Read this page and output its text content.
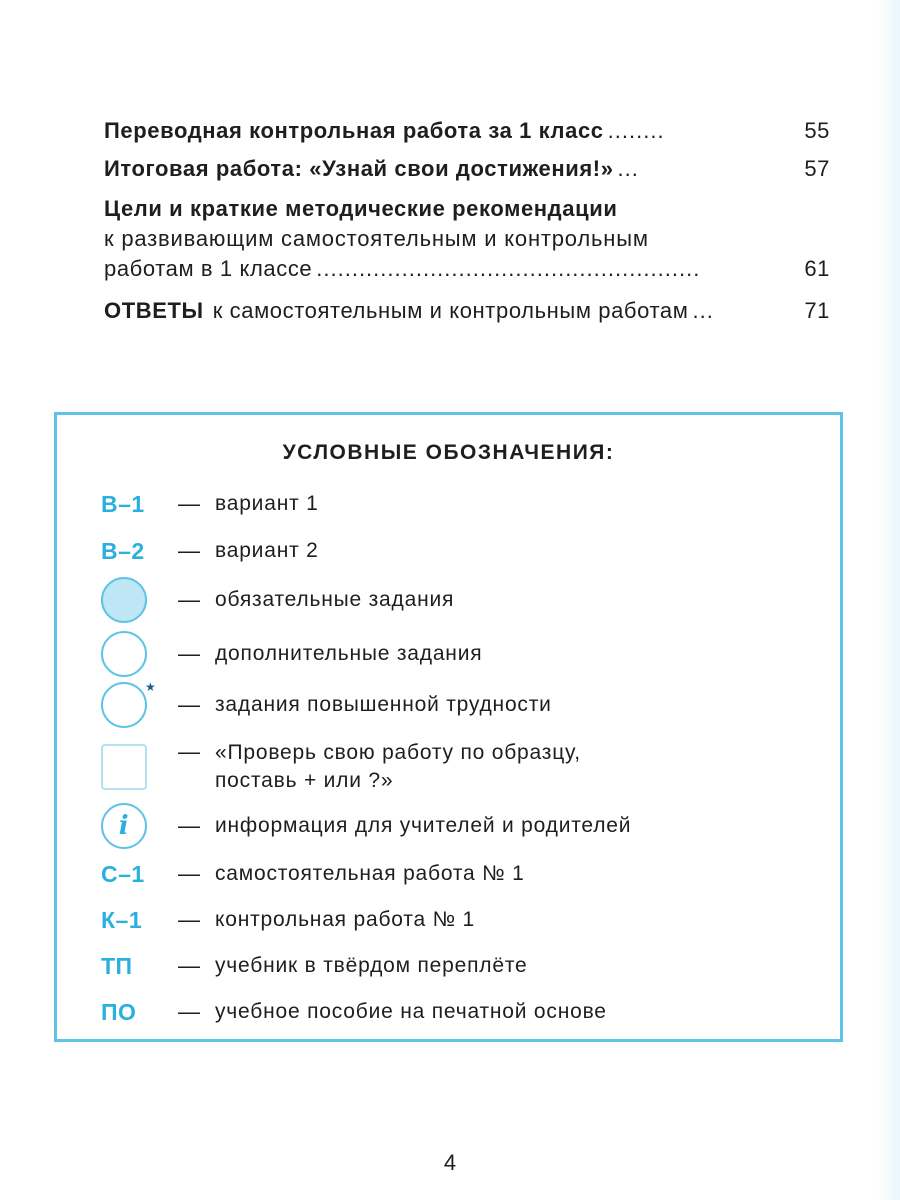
Переводная контрольная работа за 1 класс ........	55
Итоговая работа: «Узнай свои достижения!» ...	57
Цели и краткие методические рекомендации
к развивающим самостоятельным и контрольным
работам в 1 классе ......................................................	61
ОТВЕТЫ к самостоятельным и контрольным работам ...	71
УСЛОВНЫЕ ОБОЗНАЧЕНИЯ:
В–1	— вариант 1
В–2	— вариант 2
— обязательные задания
— дополнительные задания
★
— задания повышенной трудности
— «Проверь свою работу по образцу,
поставь + или ?»
i	— информация для учителей и родителей
С–1	— самостоятельная работа № 1
К–1	— контрольная работа № 1
ТП	— учебник в твёрдом переплёте
ПО	— учебное пособие на печатной основе
4
